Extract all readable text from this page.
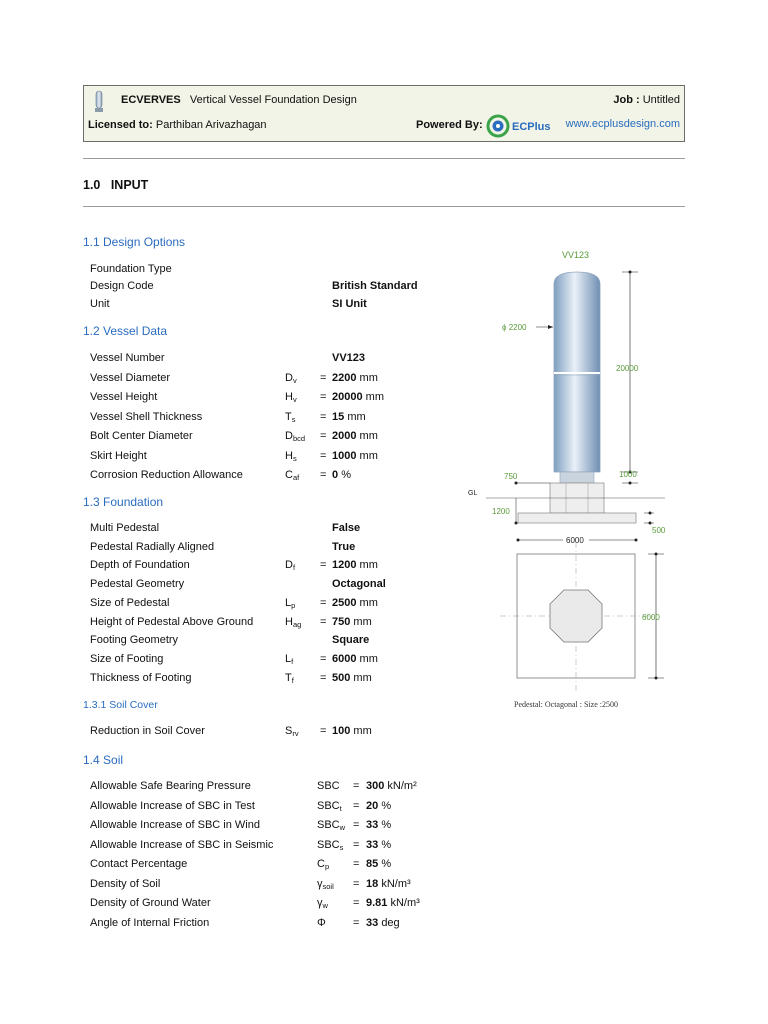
ECVERVES Vertical Vessel Foundation Design	Job : Untitled
Licensed to: Parthiban Arivazhagan	Powered By:	ECPlus www.ecplusdesign.com
1.0 INPUT
1.1 Design Options
Foundation Type
Design Code	British Standard
Unit	SI Unit
1.2 Vessel Data
Vessel Number	VV123
Vessel Diameter	$D_v = 2200$ mm
Vessel Height	$H_v = 20000$ mm
Vessel Shell Thickness	$T_s = 15$ mm
Bolt Center Diameter	$D_{bcd} = 2000$ mm
Skirt Height	$H_s = 1000$ mm
Corrosion Reduction Allowance	$C_{af} = 0$ %
1.3 Foundation
Multi Pedestal	False
Pedestal Radially Aligned	True
Depth of Foundation	$D_f = 1200$ mm
Pedestal Geometry	Octagonal
Size of Pedestal	$L_p = 2500$ mm
Height of Pedestal Above Ground	$H_{ag} = 750$ mm
Footing Geometry	Square
Size of Footing	$L_f = 6000$ mm
Thickness of Footing	$T_f = 500$ mm
1.3.1 Soil Cover
Reduction in Soil Cover	$S_{rv} = 100$ mm
1.4 Soil
Allowable Safe Bearing Pressure	SBC = 300 kN/m²
Allowable Increase of SBC in Test	$SBC_t = 20$ %
Allowable Increase of SBC in Wind	$SBC_w = 33$ %
Allowable Increase of SBC in Seismic	$SBC_s = 33$ %
Contact Percentage	$C_p = 85$ %
Density of Soil	$\gamma_{soil} = 18$ kN/m³
Density of Ground Water	$\gamma_w = 9.81$ kN/m³
Angle of Internal Friction	Φ = 33 deg
VV123
GL
ϕ 2200
20000
1000
750
1200
500
6000
6000
Pedestal: Octagonal : Size :2500
